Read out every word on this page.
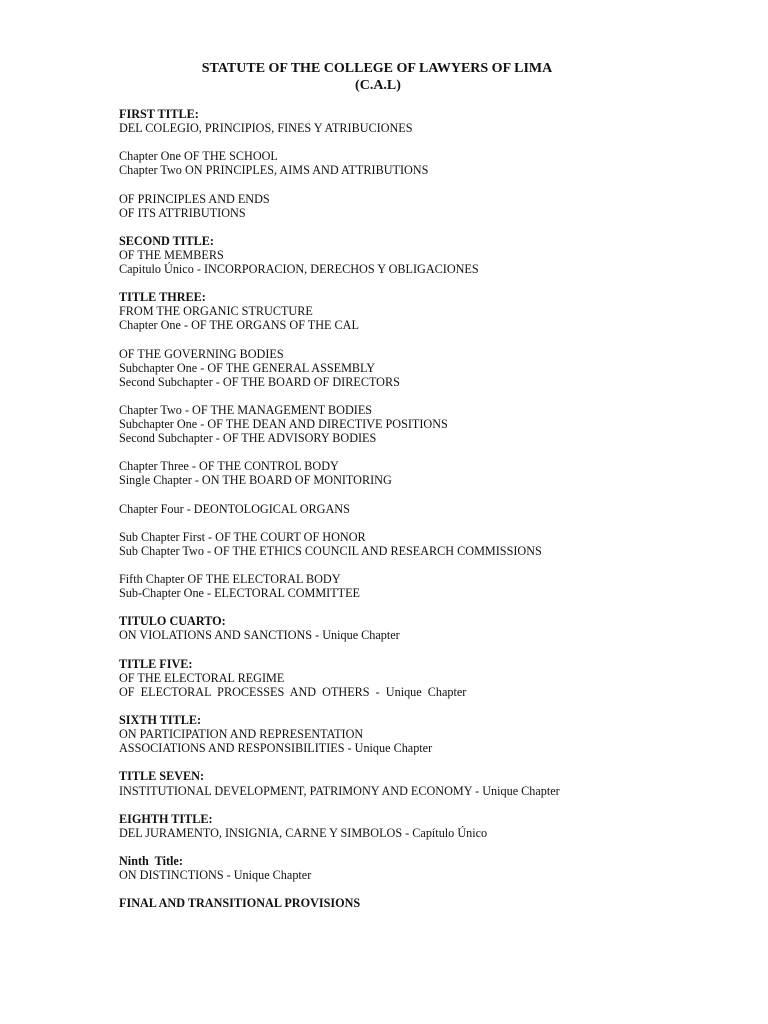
STATUTE OF THE COLLEGE OF LAWYERS OF LIMA
(C.A.L)

FIRST TITLE:

DEL COLEGIO, PRINCIPIOS, FINES Y ATRIBUCIONES

Chapter One OF THE SCHOOL

Chapter Two ON PRINCIPLES, AIMS AND ATTRIBUTIONS

OF PRINCIPLES AND ENDS

OF ITS ATTRIBUTIONS

SECOND TITLE:

OF THE MEMBERS

Capitulo Único - INCORPORACION, DERECHOS Y OBLIGACIONES

TITLE THREE:

FROM THE ORGANIC STRUCTURE

Chapter One - OF THE ORGANS OF THE CAL

OF THE GOVERNING BODIES

Subchapter One - OF THE GENERAL ASSEMBLY

Second Subchapter - OF THE BOARD OF DIRECTORS

Chapter Two - OF THE MANAGEMENT BODIES

Subchapter One - OF THE DEAN AND DIRECTIVE POSITIONS

Second Subchapter - OF THE ADVISORY BODIES

Chapter Three - OF THE CONTROL BODY

Single Chapter - ON THE BOARD OF MONITORING

Chapter Four - DEONTOLOGICAL ORGANS

Sub Chapter First - OF THE COURT OF HONOR

Sub Chapter Two - OF THE ETHICS COUNCIL AND RESEARCH COMMISSIONS

Fifth Chapter OF THE ELECTORAL BODY

Sub-Chapter One - ELECTORAL COMMITTEE

TITULO CUARTO:

ON VIOLATIONS AND SANCTIONS - Unique Chapter

TITLE FIVE:

OF THE ELECTORAL REGIME

OF  ELECTORAL  PROCESSES  AND  OTHERS  -  Unique  Chapter

SIXTH TITLE:

ON PARTICIPATION AND REPRESENTATION

ASSOCIATIONS AND RESPONSIBILITIES - Unique Chapter

TITLE SEVEN:

INSTITUTIONAL DEVELOPMENT, PATRIMONY AND ECONOMY - Unique Chapter

EIGHTH TITLE:

DEL JURAMENTO, INSIGNIA, CARNE Y SIMBOLOS - Capítulo Único

Ninth  Title:

ON DISTINCTIONS - Unique Chapter

FINAL AND TRANSITIONAL PROVISIONS
